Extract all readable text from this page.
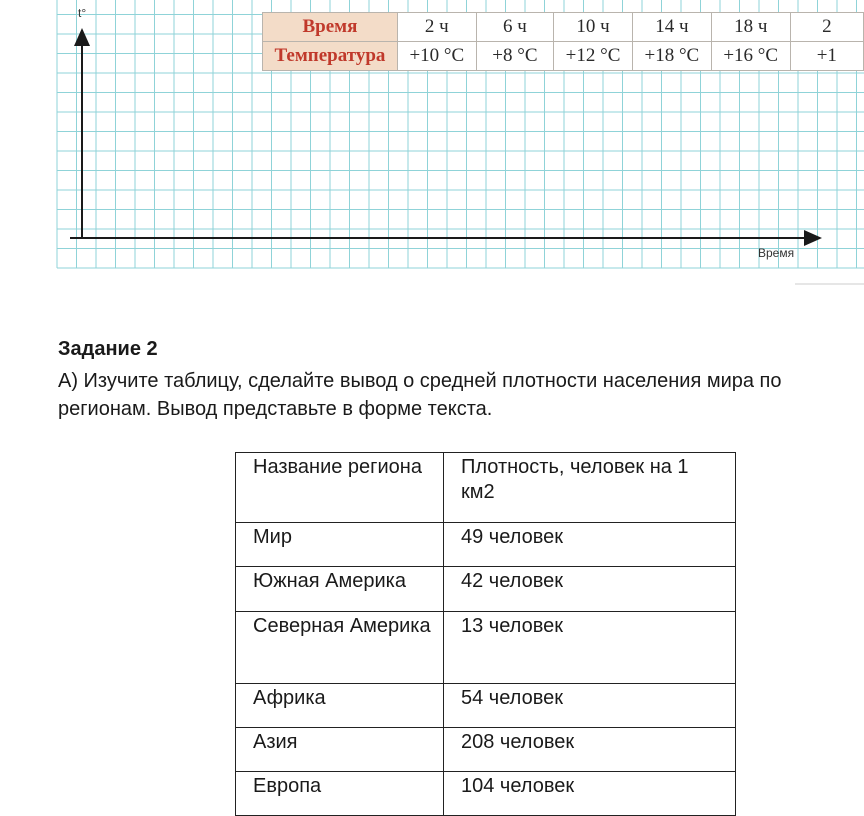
t°
Время
Время	2 ч	6 ч	10 ч	14 ч	18 ч	2
Температура	+10 °C	+8 °C	+12 °C	+18 °C	+16 °C	+1

Задание 2

А) Изучите таблицу, сделайте вывод о средней плотности населения мира по регионам. Вывод представьте в форме текста.

Название региона	Плотность, человек на 1 км2
Мир	49 человек
Южная Америка	42 человек
Северная Америка	13 человек
Африка	54 человек
Азия	208 человек
Европа	104 человек
